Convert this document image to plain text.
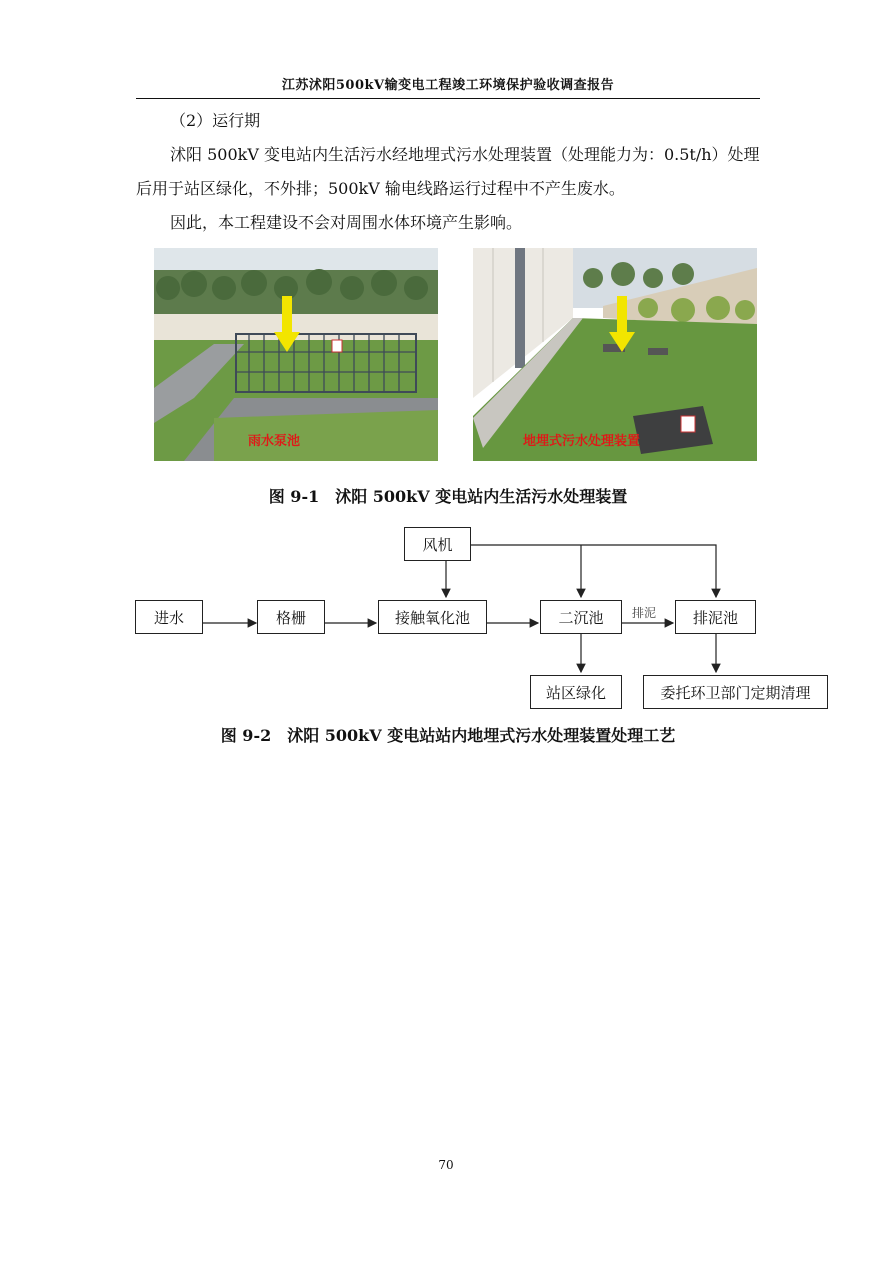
江苏沭阳500kV输变电工程竣工环境保护验收调查报告

（2）运行期

沭阳 500kV 变电站内生活污水经地埋式污水处理装置（处理能力为：0.5t/h）处理后用于站区绿化，不外排；500kV 输电线路运行过程中不产生废水。

因此，本工程建设不会对周围水体环境产生影响。

雨水泵池	地埋式污水处理装置
图 9-1　沭阳 500kV 变电站内生活污水处理装置
风机
进水	格栅	接触氧化池	二沉池	排泥池
站区绿化	委托环卫部门定期清理
排泥
图 9-2　沭阳 500kV 变电站站内地埋式污水处理装置处理工艺
70
